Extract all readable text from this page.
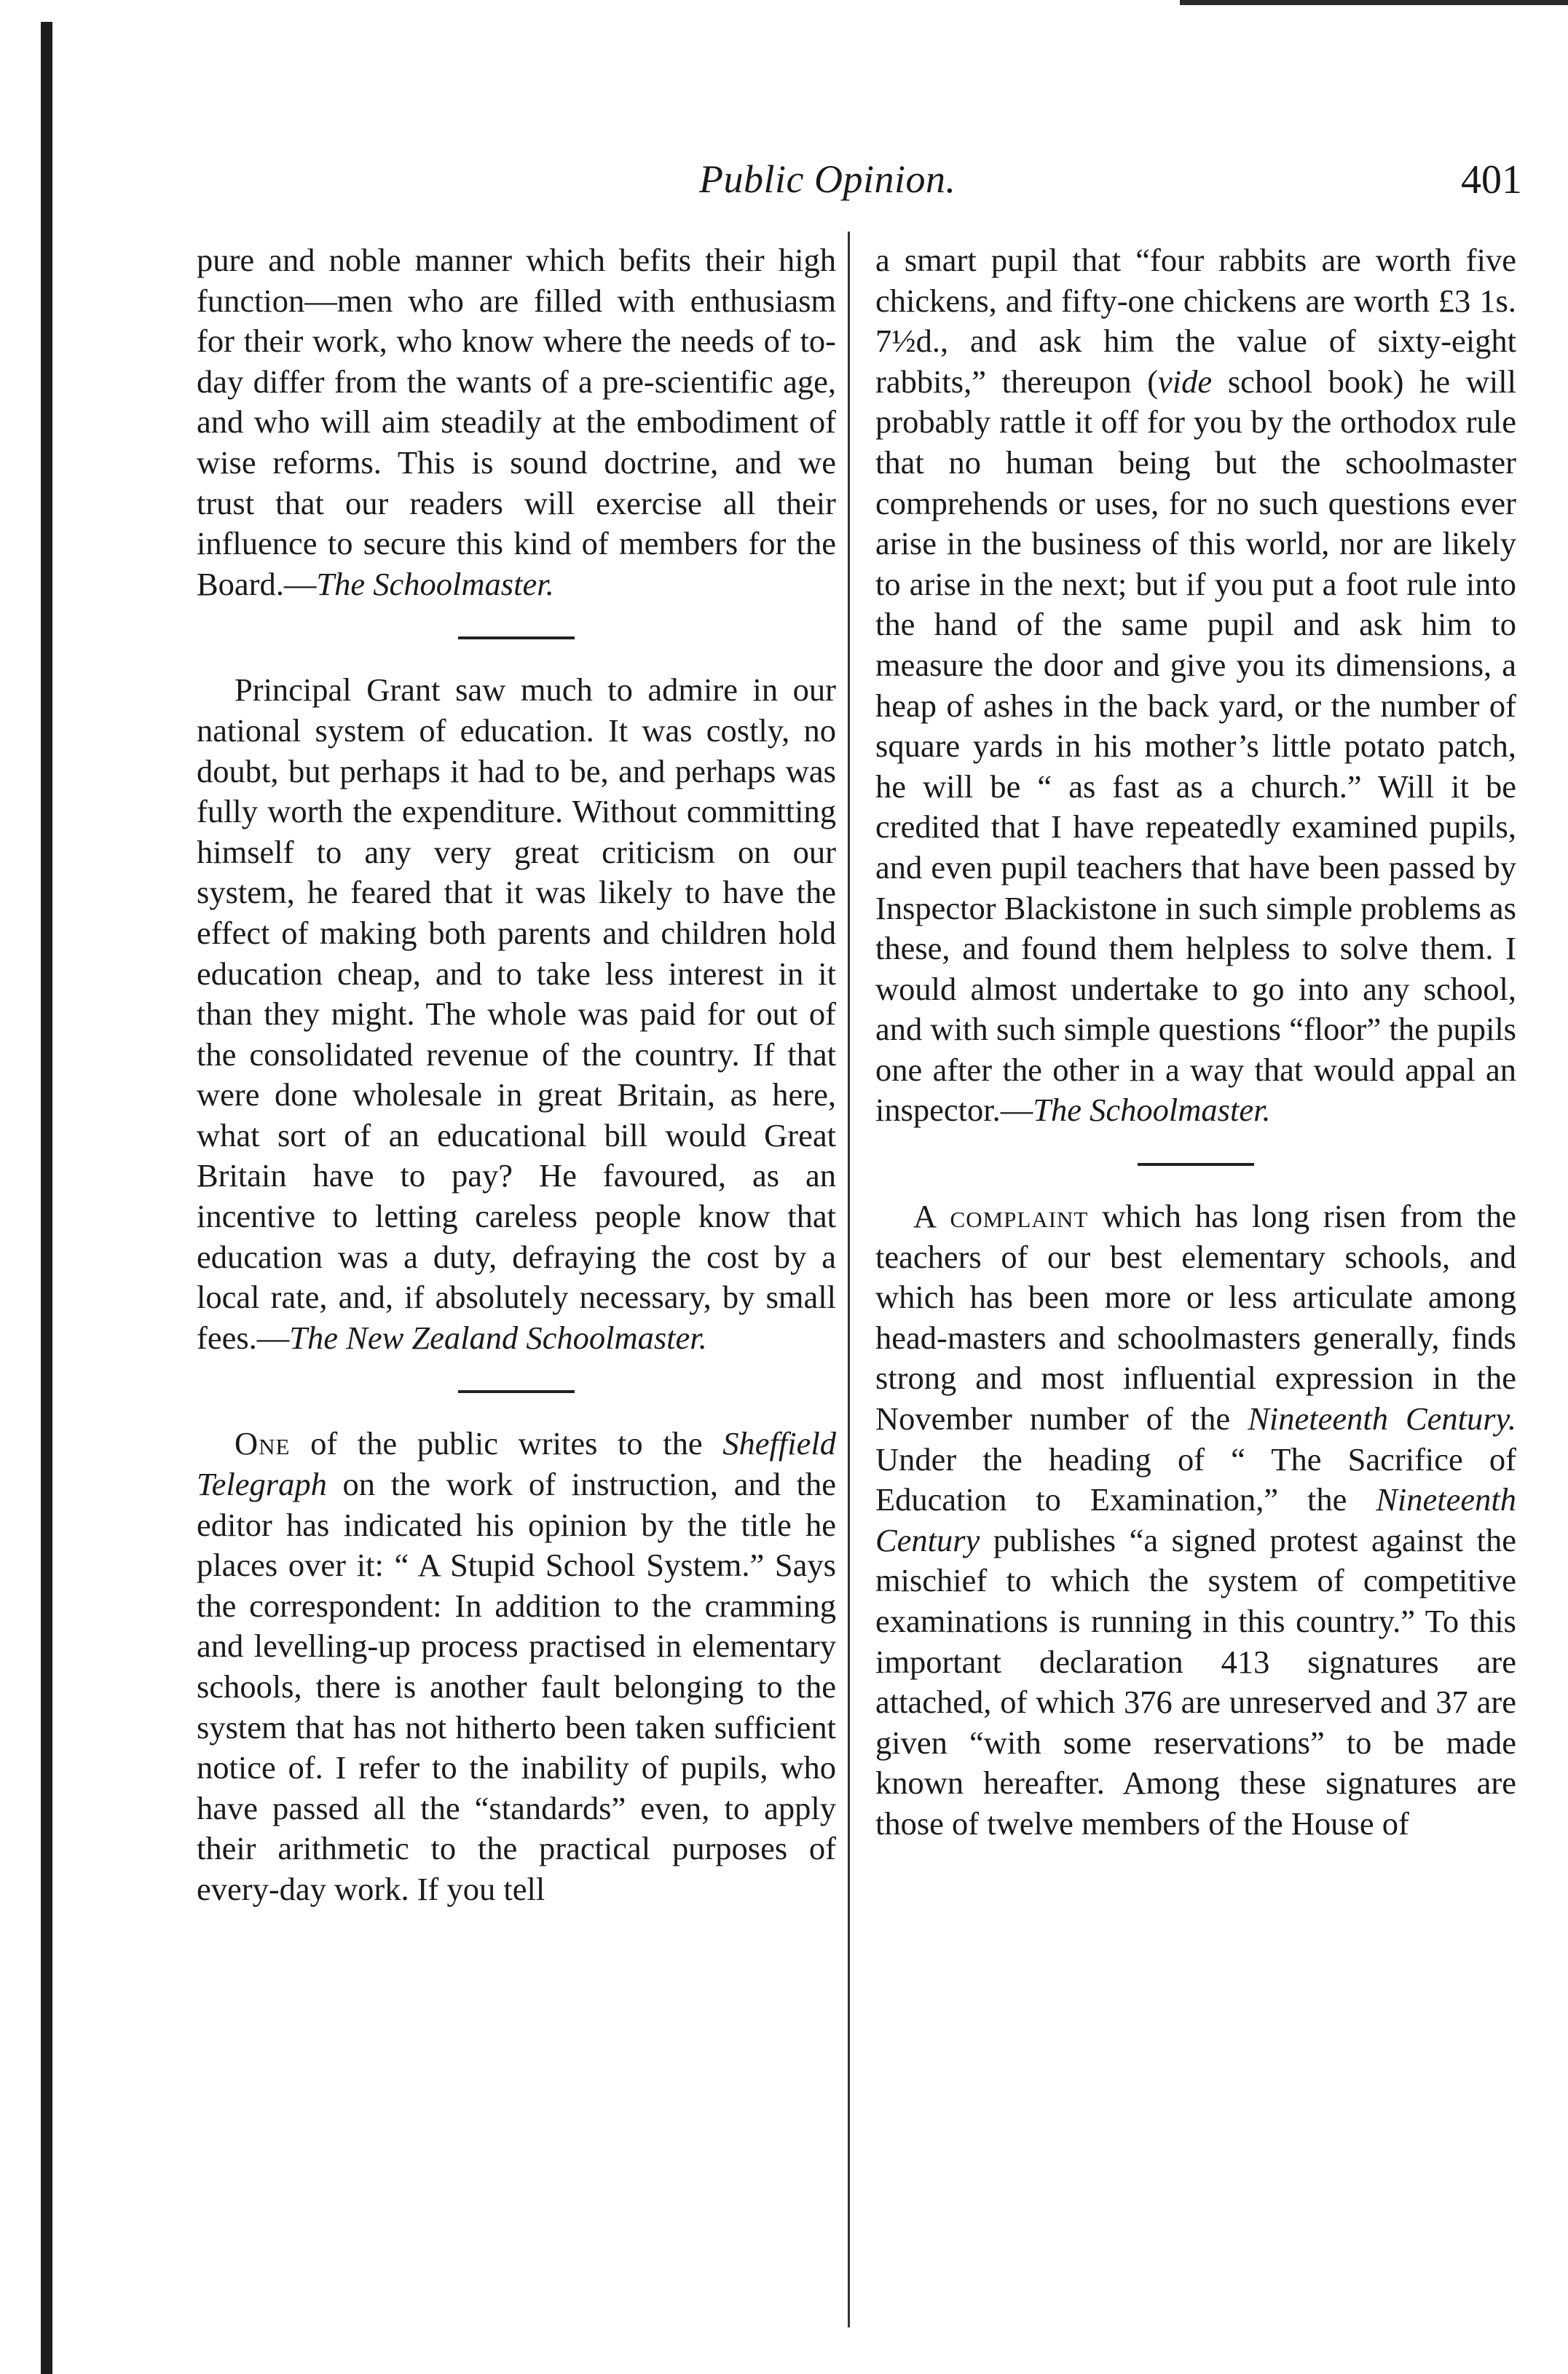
Public Opinion.	401

pure and noble manner which befits their high function—men who are filled with enthusiasm for their work, who know where the needs of to-day differ from the wants of a pre-scientific age, and who will aim steadily at the embodiment of wise reforms. This is sound doctrine, and we trust that our readers will exercise all their influence to secure this kind of members for the Board.—The Schoolmaster.

Principal Grant saw much to admire in our national system of education. It was costly, no doubt, but perhaps it had to be, and perhaps was fully worth the expenditure. Without committing himself to any very great criticism on our system, he feared that it was likely to have the effect of making both parents and children hold education cheap, and to take less interest in it than they might. The whole was paid for out of the consolidated revenue of the country. If that were done wholesale in great Britain, as here, what sort of an educational bill would Great Britain have to pay? He favoured, as an incentive to letting careless people know that education was a duty, defraying the cost by a local rate, and, if absolutely necessary, by small fees.—The New Zealand Schoolmaster.

One of the public writes to the Sheffield Telegraph on the work of instruction, and the editor has indicated his opinion by the title he places over it: “ A Stupid School System.” Says the correspondent: In addition to the cramming and levelling-up process practised in elementary schools, there is another fault belonging to the system that has not hitherto been taken sufficient notice of. I refer to the inability of pupils, who have passed all the “standards” even, to apply their arithmetic to the practical purposes of every-day work. If you tell

a smart pupil that “four rabbits are worth five chickens, and fifty-one chickens are worth £3 1s. 7½d., and ask him the value of sixty-eight rabbits,” thereupon (vide school book) he will probably rattle it off for you by the orthodox rule that no human being but the schoolmaster comprehends or uses, for no such questions ever arise in the business of this world, nor are likely to arise in the next; but if you put a foot rule into the hand of the same pupil and ask him to measure the door and give you its dimensions, a heap of ashes in the back yard, or the number of square yards in his mother’s little potato patch, he will be “ as fast as a church.” Will it be credited that I have repeatedly examined pupils, and even pupil teachers that have been passed by Inspector Blackistone in such simple problems as these, and found them helpless to solve them. I would almost undertake to go into any school, and with such simple questions “floor” the pupils one after the other in a way that would appal an inspector.—The Schoolmaster.

A complaint which has long risen from the teachers of our best elementary schools, and which has been more or less articulate among head-masters and schoolmasters generally, finds strong and most influential expression in the November number of the Nineteenth Century. Under the heading of “ The Sacrifice of Education to Examination,” the Nineteenth Century publishes “a signed protest against the mischief to which the system of competitive examinations is running in this country.” To this important declaration 413 signatures are attached, of which 376 are unreserved and 37 are given “with some reservations” to be made known hereafter. Among these signatures are those of twelve members of the House of
